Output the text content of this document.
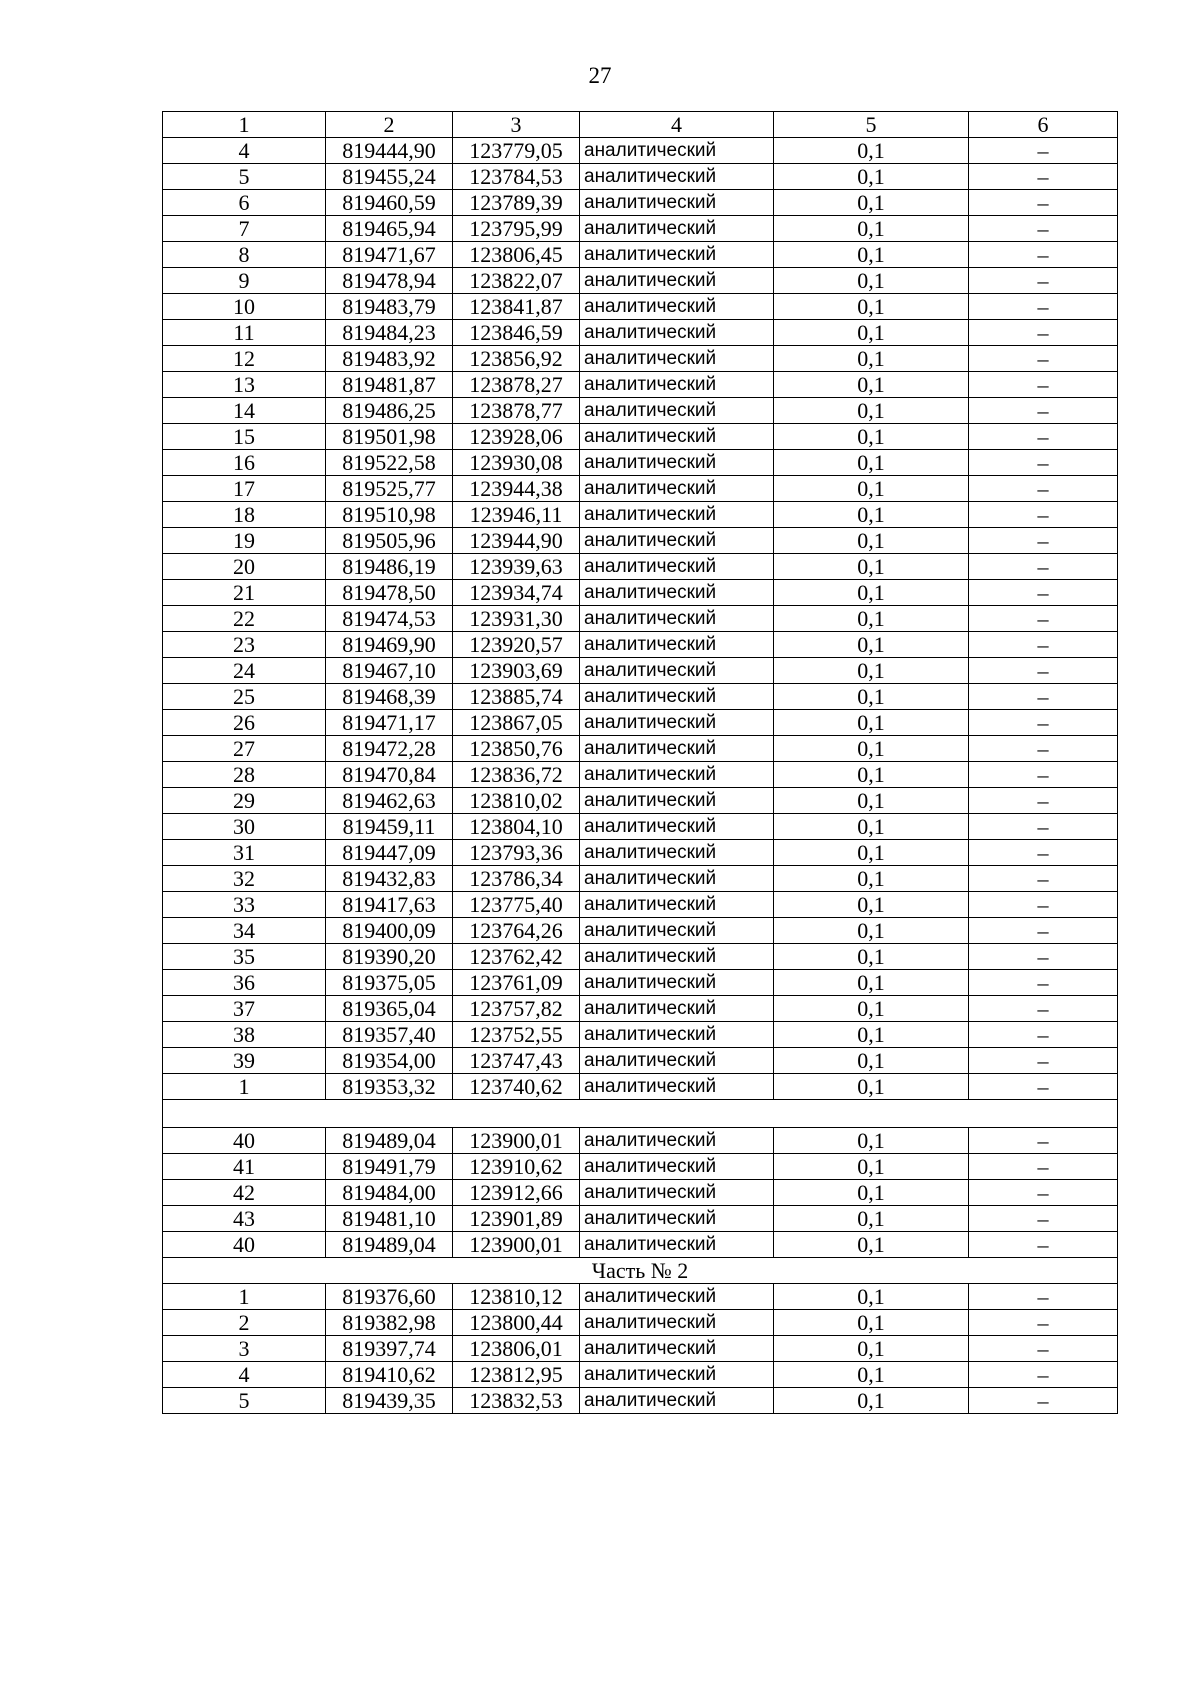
27
1	2	3	4	5	6
4	819444,90	123779,05	аналитический	0,1	–
5	819455,24	123784,53	аналитический	0,1	–
6	819460,59	123789,39	аналитический	0,1	–
7	819465,94	123795,99	аналитический	0,1	–
8	819471,67	123806,45	аналитический	0,1	–
9	819478,94	123822,07	аналитический	0,1	–
10	819483,79	123841,87	аналитический	0,1	–
11	819484,23	123846,59	аналитический	0,1	–
12	819483,92	123856,92	аналитический	0,1	–
13	819481,87	123878,27	аналитический	0,1	–
14	819486,25	123878,77	аналитический	0,1	–
15	819501,98	123928,06	аналитический	0,1	–
16	819522,58	123930,08	аналитический	0,1	–
17	819525,77	123944,38	аналитический	0,1	–
18	819510,98	123946,11	аналитический	0,1	–
19	819505,96	123944,90	аналитический	0,1	–
20	819486,19	123939,63	аналитический	0,1	–
21	819478,50	123934,74	аналитический	0,1	–
22	819474,53	123931,30	аналитический	0,1	–
23	819469,90	123920,57	аналитический	0,1	–
24	819467,10	123903,69	аналитический	0,1	–
25	819468,39	123885,74	аналитический	0,1	–
26	819471,17	123867,05	аналитический	0,1	–
27	819472,28	123850,76	аналитический	0,1	–
28	819470,84	123836,72	аналитический	0,1	–
29	819462,63	123810,02	аналитический	0,1	–
30	819459,11	123804,10	аналитический	0,1	–
31	819447,09	123793,36	аналитический	0,1	–
32	819432,83	123786,34	аналитический	0,1	–
33	819417,63	123775,40	аналитический	0,1	–
34	819400,09	123764,26	аналитический	0,1	–
35	819390,20	123762,42	аналитический	0,1	–
36	819375,05	123761,09	аналитический	0,1	–
37	819365,04	123757,82	аналитический	0,1	–
38	819357,40	123752,55	аналитический	0,1	–
39	819354,00	123747,43	аналитический	0,1	–
1	819353,32	123740,62	аналитический	0,1	–

40	819489,04	123900,01	аналитический	0,1	–
41	819491,79	123910,62	аналитический	0,1	–
42	819484,00	123912,66	аналитический	0,1	–
43	819481,10	123901,89	аналитический	0,1	–
40	819489,04	123900,01	аналитический	0,1	–
Часть № 2					
1	819376,60	123810,12	аналитический	0,1	–
2	819382,98	123800,44	аналитический	0,1	–
3	819397,74	123806,01	аналитический	0,1	–
4	819410,62	123812,95	аналитический	0,1	–
5	819439,35	123832,53	аналитический	0,1	–
